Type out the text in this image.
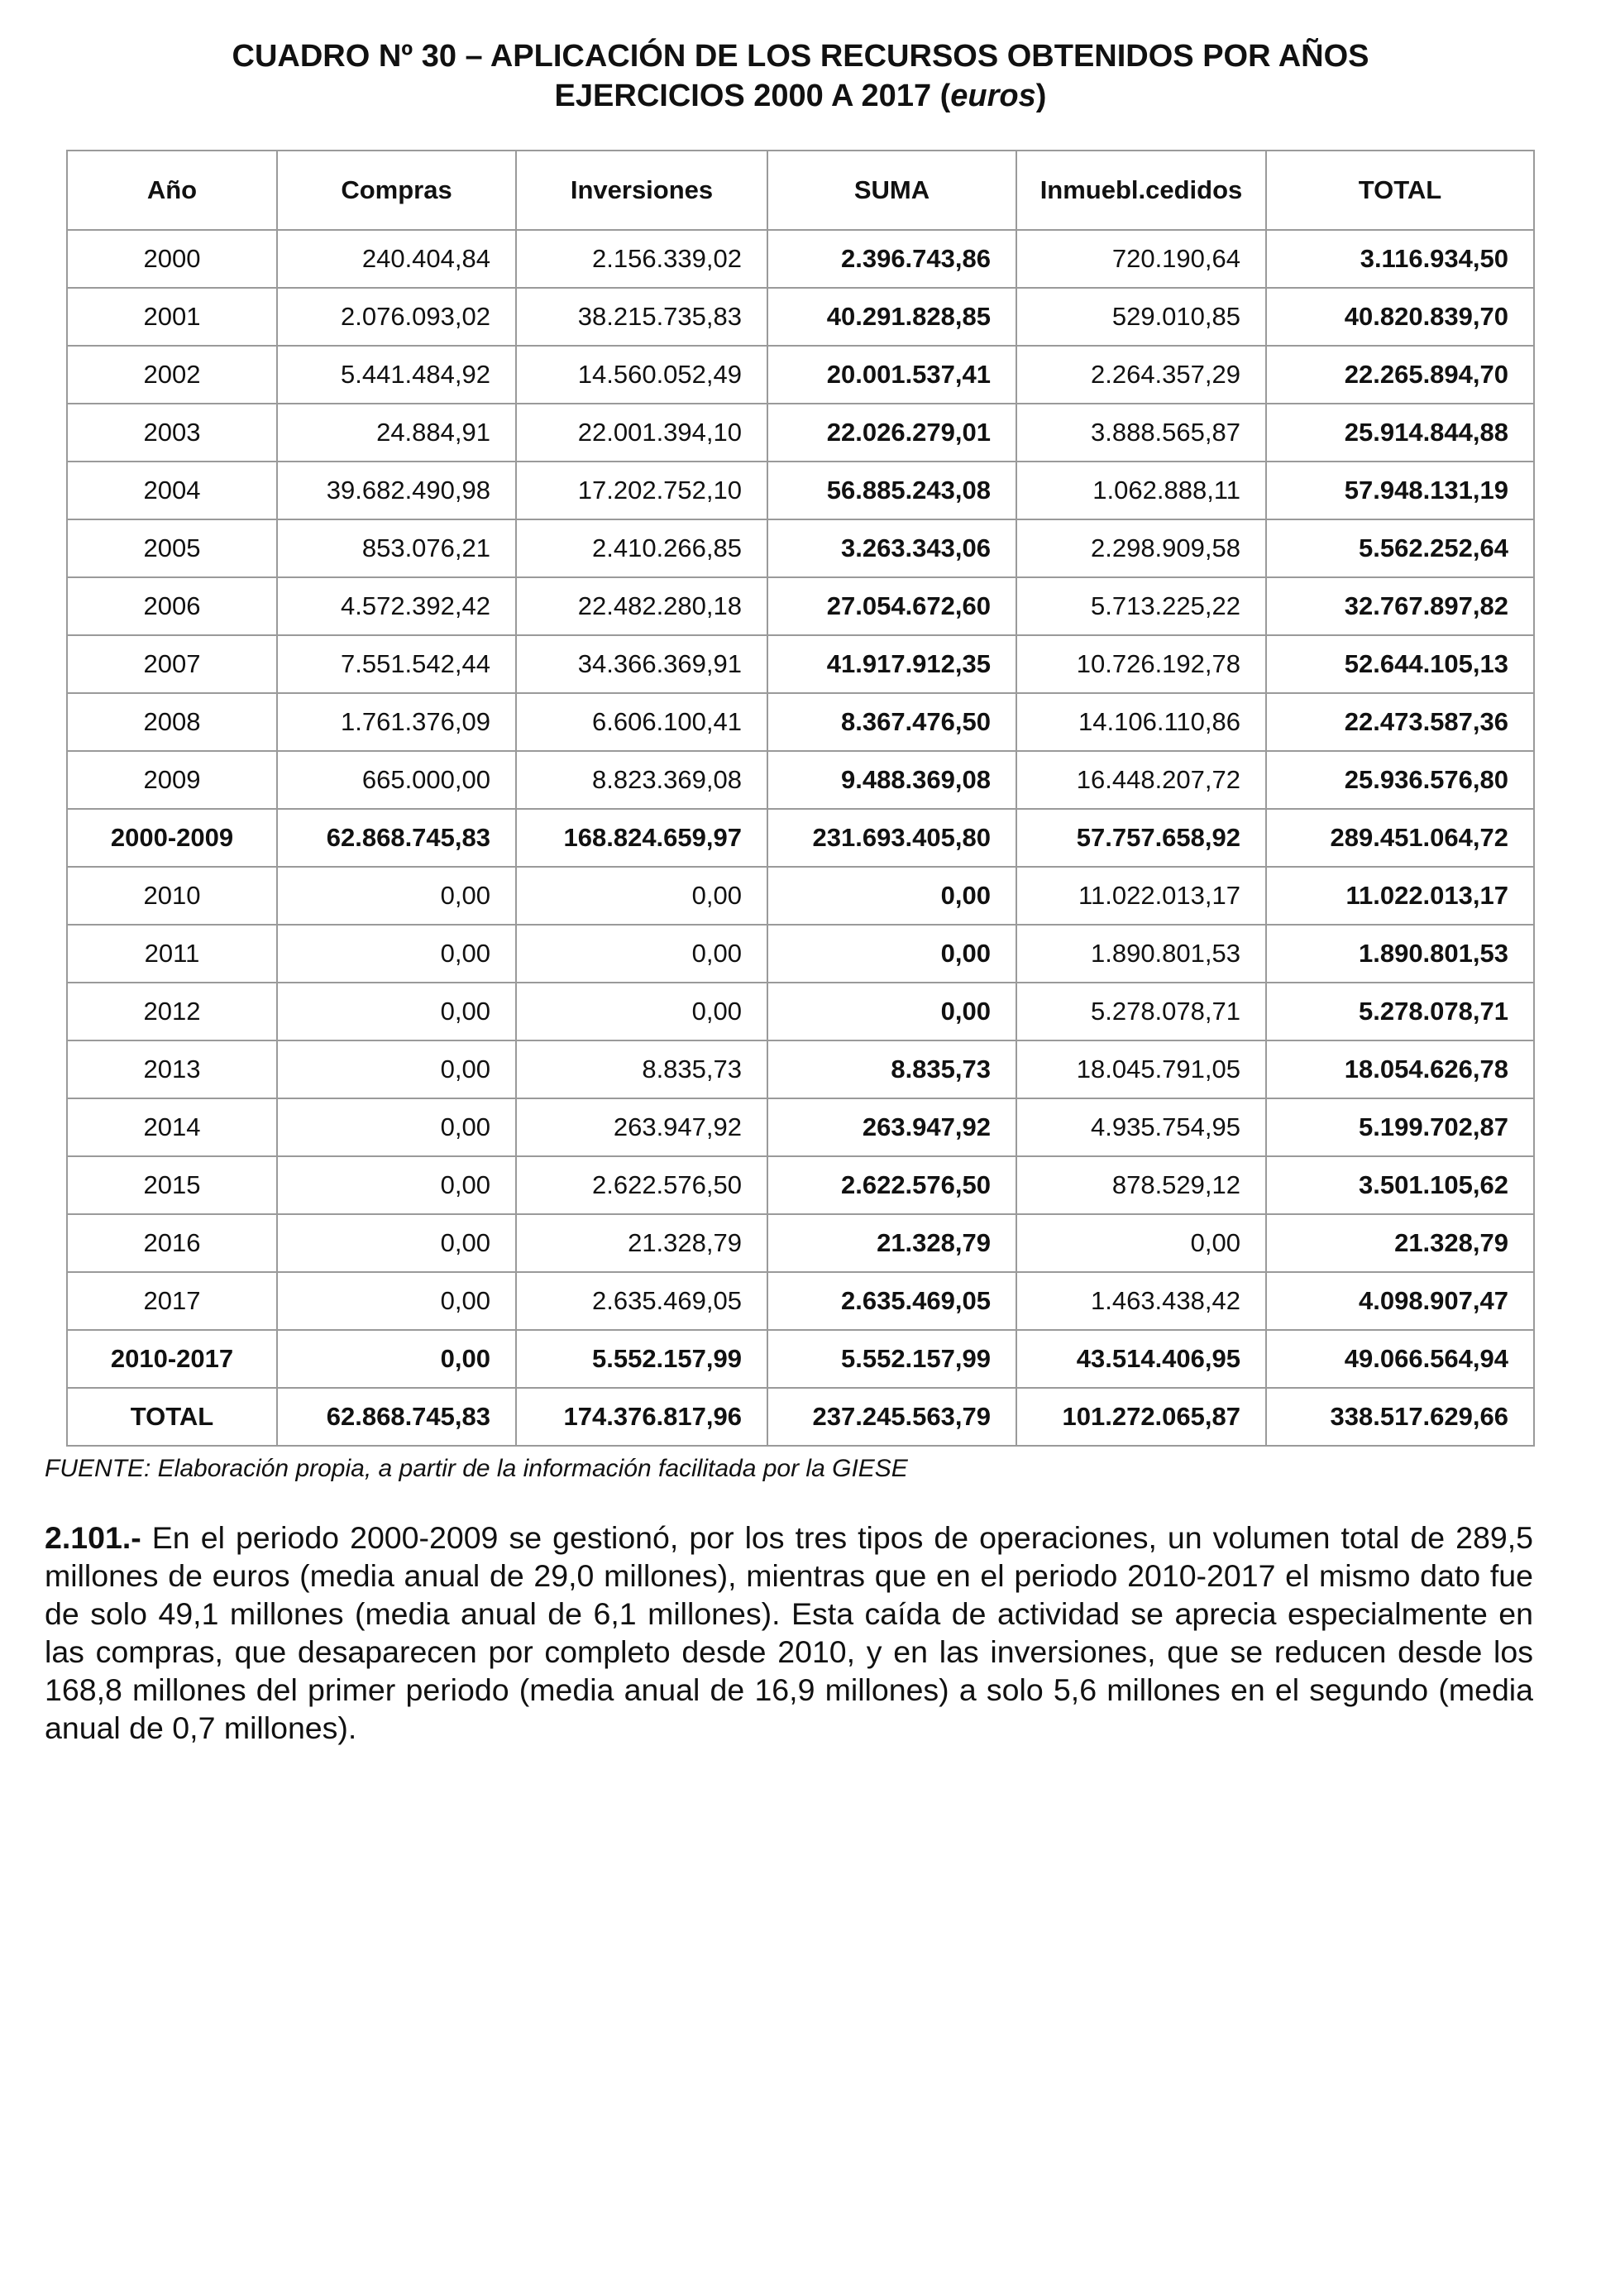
CUADRO Nº 30 – APLICACIÓN DE LOS RECURSOS OBTENIDOS POR AÑOS
EJERCICIOS 2000 A 2017 (euros)
Año	Compras	Inversiones	SUMA	Inmuebl.cedidos	TOTAL
2000	240.404,84	2.156.339,02	2.396.743,86	720.190,64	3.116.934,50
2001	2.076.093,02	38.215.735,83	40.291.828,85	529.010,85	40.820.839,70
2002	5.441.484,92	14.560.052,49	20.001.537,41	2.264.357,29	22.265.894,70
2003	24.884,91	22.001.394,10	22.026.279,01	3.888.565,87	25.914.844,88
2004	39.682.490,98	17.202.752,10	56.885.243,08	1.062.888,11	57.948.131,19
2005	853.076,21	2.410.266,85	3.263.343,06	2.298.909,58	5.562.252,64
2006	4.572.392,42	22.482.280,18	27.054.672,60	5.713.225,22	32.767.897,82
2007	7.551.542,44	34.366.369,91	41.917.912,35	10.726.192,78	52.644.105,13
2008	1.761.376,09	6.606.100,41	8.367.476,50	14.106.110,86	22.473.587,36
2009	665.000,00	8.823.369,08	9.488.369,08	16.448.207,72	25.936.576,80
2000-2009	62.868.745,83	168.824.659,97	231.693.405,80	57.757.658,92	289.451.064,72
2010	0,00	0,00	0,00	11.022.013,17	11.022.013,17
2011	0,00	0,00	0,00	1.890.801,53	1.890.801,53
2012	0,00	0,00	0,00	5.278.078,71	5.278.078,71
2013	0,00	8.835,73	8.835,73	18.045.791,05	18.054.626,78
2014	0,00	263.947,92	263.947,92	4.935.754,95	5.199.702,87
2015	0,00	2.622.576,50	2.622.576,50	878.529,12	3.501.105,62
2016	0,00	21.328,79	21.328,79	0,00	21.328,79
2017	0,00	2.635.469,05	2.635.469,05	1.463.438,42	4.098.907,47
2010-2017	0,00	5.552.157,99	5.552.157,99	43.514.406,95	49.066.564,94
TOTAL	62.868.745,83	174.376.817,96	237.245.563,79	101.272.065,87	338.517.629,66
FUENTE: Elaboración propia, a partir de la información facilitada por la GIESE
2.101.- En el periodo 2000-2009 se gestionó, por los tres tipos de operaciones, un volumen total de 289,5 millones de euros (media anual de 29,0 millones), mientras que en el periodo 2010-2017 el mismo dato fue de solo 49,1 millones (media anual de 6,1 millones). Esta caída de actividad se aprecia especialmente en las compras, que desaparecen por completo desde 2010, y en las inversiones, que se reducen desde los 168,8 millones del primer periodo (media anual de 16,9 millones) a solo 5,6 millones en el segundo (media anual de 0,7 millones).
